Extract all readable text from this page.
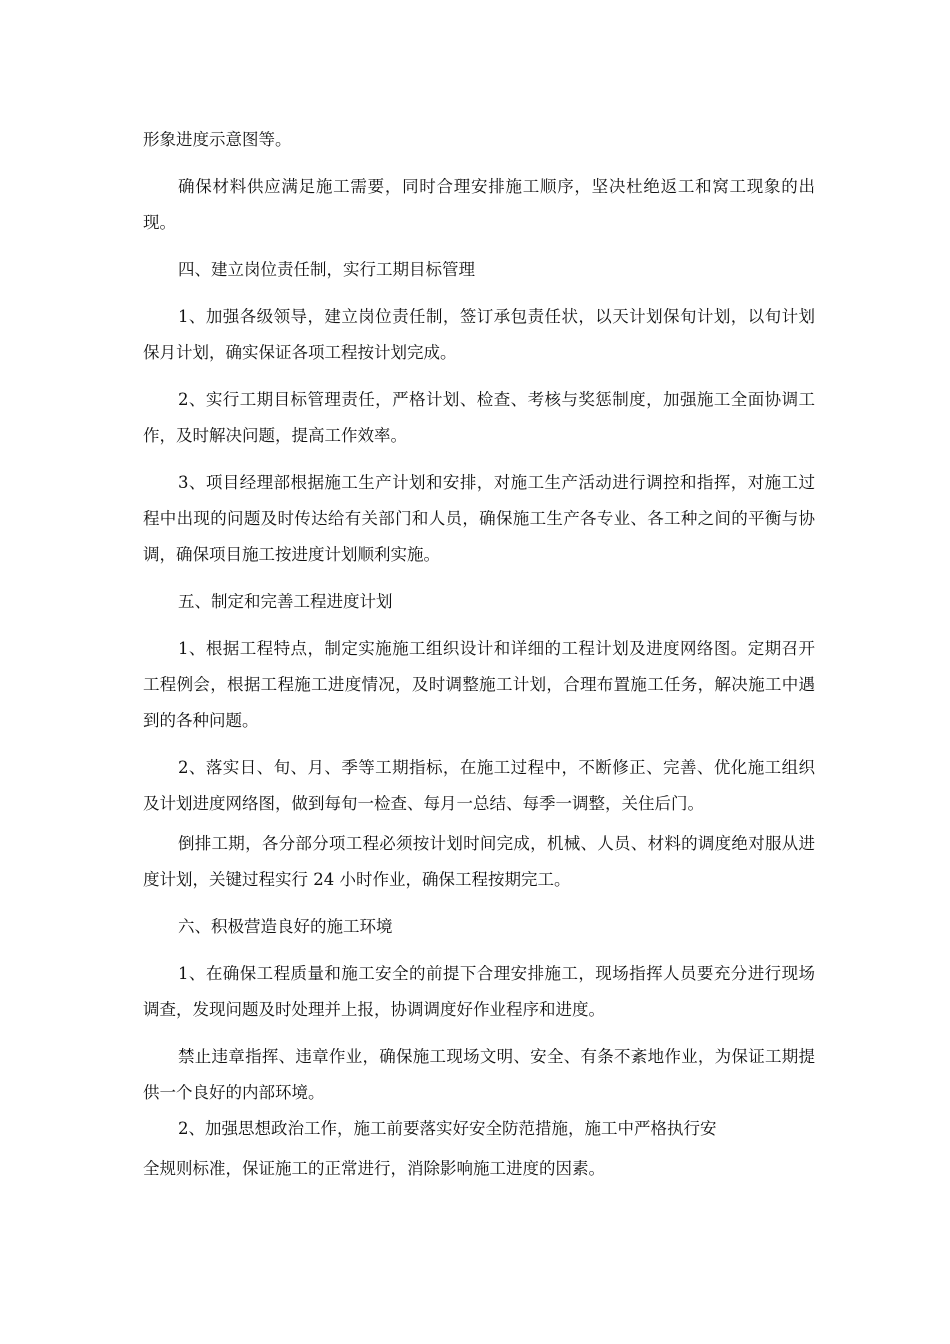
形象进度示意图等。

确保材料供应满足施工需要，同时合理安排施工顺序，坚决杜绝返工和窝工现象的出现。

四、建立岗位责任制，实行工期目标管理

1、加强各级领导，建立岗位责任制，签订承包责任状，以天计划保旬计划，以旬计划保月计划，确实保证各项工程按计划完成。

2、实行工期目标管理责任，严格计划、检查、考核与奖惩制度，加强施工全面协调工作，及时解决问题，提高工作效率。

3、项目经理部根据施工生产计划和安排，对施工生产活动进行调控和指挥，对施工过程中出现的问题及时传达给有关部门和人员，确保施工生产各专业、各工种之间的平衡与协调，确保项目施工按进度计划顺利实施。

五、制定和完善工程进度计划

1、根据工程特点，制定实施施工组织设计和详细的工程计划及进度网络图。定期召开工程例会，根据工程施工进度情况，及时调整施工计划，合理布置施工任务，解决施工中遇到的各种问题。

2、落实日、旬、月、季等工期指标，在施工过程中，不断修正、完善、优化施工组织及计划进度网络图，做到每旬一检查、每月一总结、每季一调整，关住后门。

倒排工期，各分部分项工程必须按计划时间完成，机械、人员、材料的调度绝对服从进度计划，关键过程实行 24 小时作业，确保工程按期完工。

六、积极营造良好的施工环境

1、在确保工程质量和施工安全的前提下合理安排施工，现场指挥人员要充分进行现场调查，发现问题及时处理并上报，协调调度好作业程序和进度。

禁止违章指挥、违章作业，确保施工现场文明、安全、有条不紊地作业，为保证工期提供一个良好的内部环境。

2、加强思想政治工作，施工前要落实好安全防范措施，施工中严格执行安

全规则标准，保证施工的正常进行，消除影响施工进度的因素。
